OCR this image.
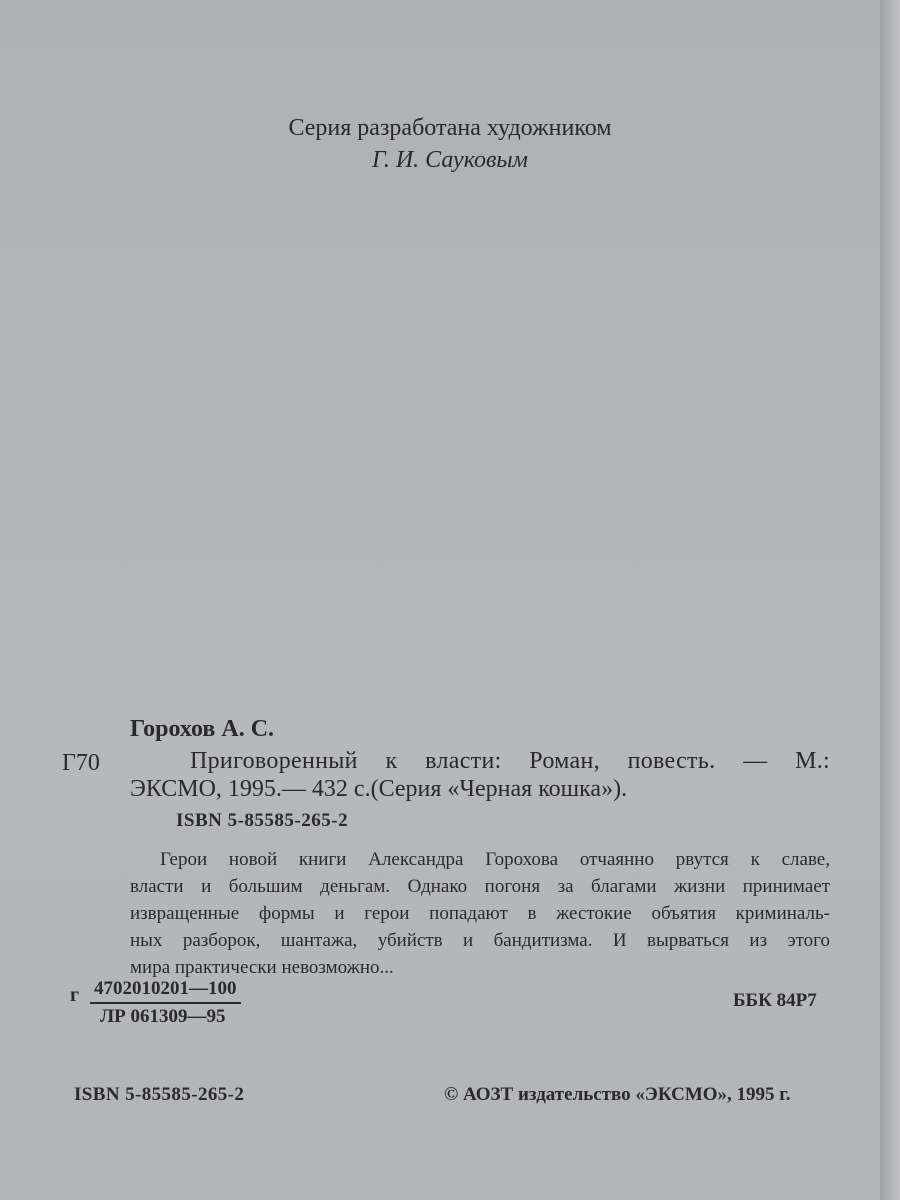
Серия разработана художником
Г. И. Сауковым
Горохов А. С.
Г70	Приговоренный к власти: Роман, повесть. — М.:
ЭКСМО, 1995.— 432 с.(Серия «Черная кошка»).
ISBN 5-85585-265-2
Герои новой книги Александра Горохова отчаянно рвутся к славе,
власти и большим деньгам. Однако погоня за благами жизни принимает
извращенные формы и герои попадают в жестокие объятия криминаль-
ных разборок, шантажа, убийств и бандитизма. И вырваться из этого
мира практически невозможно...
г 4702010201—100
ЛР 061309—95
ББК 84Р7
ISBN 5-85585-265-2	© АОЗТ издательство «ЭКСМО», 1995 г.
